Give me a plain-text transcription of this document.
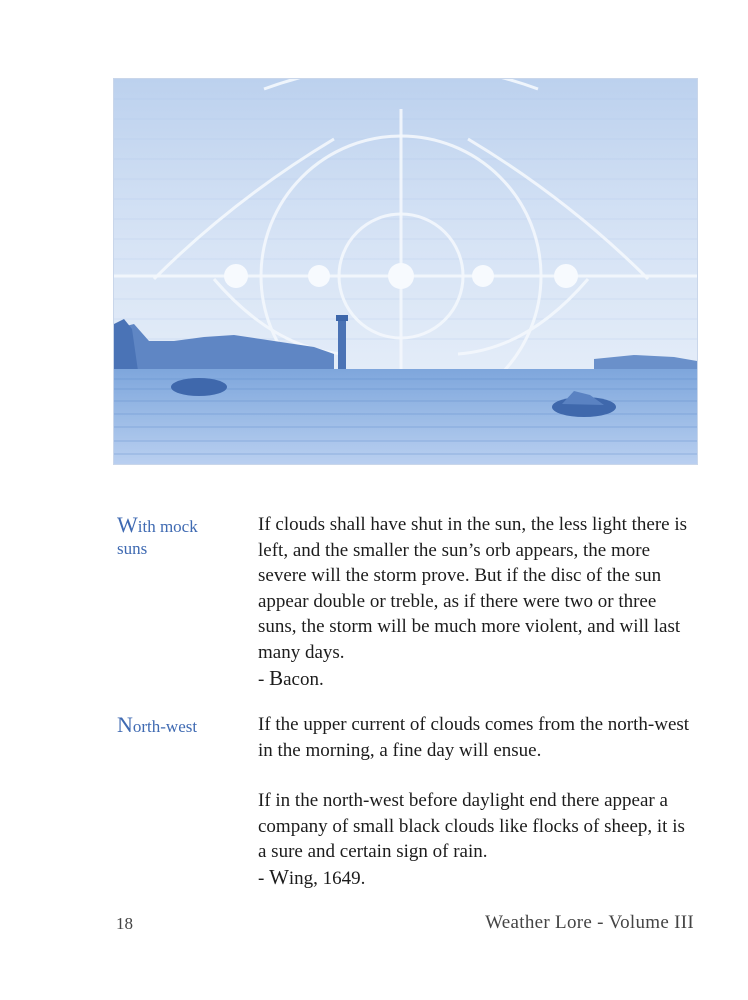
With mock
suns

If clouds shall have shut in the sun, the less light there is left, and the smaller the sun’s orb appears, the more severe will the storm prove. But if the disc of the sun appear double or treble, as if there were two or three suns, the storm will be much more violent, and will last many days.

- Bacon.

North-west	If the upper current of clouds comes from the north-west in the morning, a fine day will ensue.

If in the north-west before daylight end there appear a company of small black clouds like flocks of sheep, it is a sure and certain sign of rain.

- Wing, 1649.

18	Weather Lore - Volume III
